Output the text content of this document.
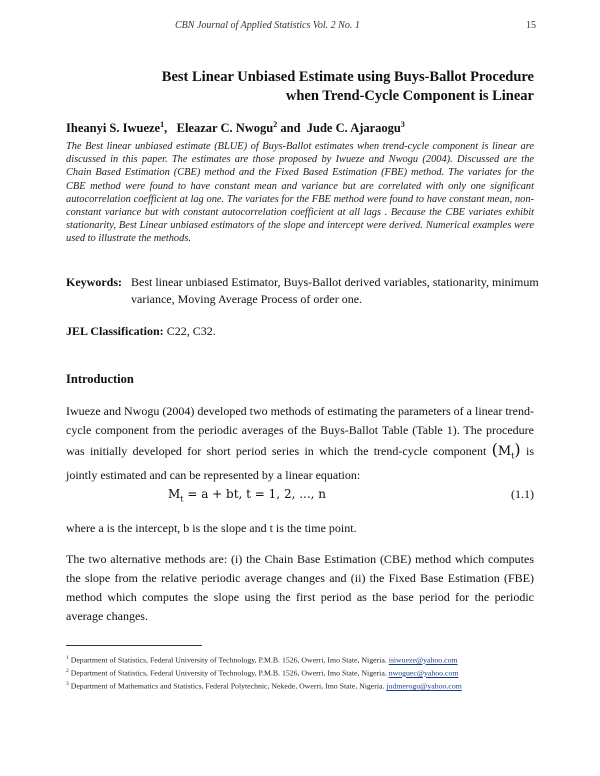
CBN Journal of Applied Statistics Vol. 2 No. 1	15
Best Linear Unbiased Estimate using Buys-Ballot Procedure
when Trend-Cycle Component is Linear
Iheanyi S. Iwueze$^1$,   Eleazar C. Nwogu$^2$ and  Jude C. Ajaraogu$^3$
The Best linear unbiased estimate (BLUE) of Buys-Ballot estimates when trend-cycle component is linear are discussed in this paper. The estimates are those proposed by Iwueze and Nwogu (2004). Discussed are the Chain Based Estimation (CBE) method and the Fixed Based Estimation (FBE) method. The variates for the CBE method were found to have constant mean and variance but are correlated with only one significant autocorrelation coefficient at lag one. The variates for the FBE method were found to have constant mean, non-constant variance but with constant autocorrelation coefficient at all lags . Because the CBE variates exhibit stationarity, Best Linear unbiased estimators of the slope and intercept were derived. Numerical examples were used to illustrate the methods.
Keywords: Best linear unbiased Estimator, Buys-Ballot derived variables, stationarity, minimum variance, Moving Average Process of order one.
JEL Classification: C22, C32.
Introduction
Iwueze and Nwogu (2004) developed two methods of estimating the parameters of a linear trend-cycle component from the periodic averages of the Buys-Ballot Table (Table 1). The procedure was initially developed for short period series in which the trend-cycle component $(M_t)$ is jointly estimated and can be represented by a linear equation:
$M_t = a$ + bt, t = 1, 2, ..., n	(1.1)
where a is the intercept, b is the slope and t is the time point.
The two alternative methods are: (i) the Chain Base Estimation (CBE) method which computes the slope from the relative periodic average changes and (ii) the Fixed Base Estimation (FBE) method which computes the slope using the first period as the base period for the periodic average changes.
$^1$ Department of Statistics, Federal University of Technology, P.M.B. 1526, Owerri, Imo State, Nigeria. isiwueze@yahoo.com
$^2$ Department of Statistics, Federal University of Technology, P.M.B. 1526, Owerri, Imo State, Nigeria. nwoguec@yahoo.com
$^3$ Department of Mathematics and Statistics, Federal Polytechnic, Nekede, Owerri, Imo State, Nigeria. judmerogu@yahoo.com
